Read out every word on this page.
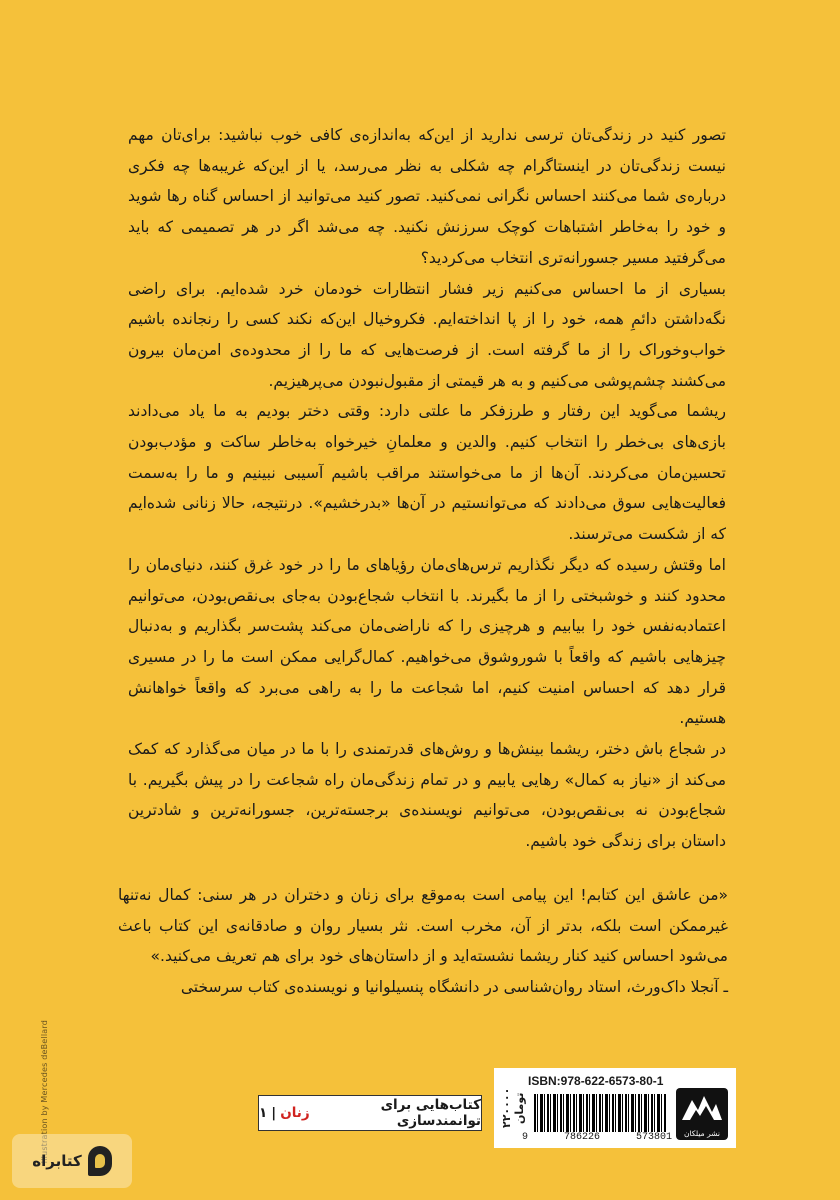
تصور کنید در زندگی‌تان ترسی ندارید از این‌که به‌اندازه‌ی کافی خوب نباشید: برای‌تان مهم نیست زندگی‌تان در اینستاگرام چه شکلی به نظر می‌رسد، یا از این‌که غریبه‌ها چه فکری درباره‌ی شما می‌کنند احساس نگرانی نمی‌کنید. تصور کنید می‌توانید از احساس گناه رها شوید و خود را به‌خاطر اشتباهات کوچک سرزنش نکنید. چه می‌شد اگر در هر تصمیمی که باید می‌گرفتید مسیر جسورانه‌تری انتخاب می‌کردید؟

بسیاری از ما احساس می‌کنیم زیر فشار انتظارات خودمان خرد شده‌ایم. برای راضی نگه‌داشتن دائمِ همه، خود را از پا انداخته‌ایم. فکروخیال این‌که نکند کسی را رنجانده باشیم خواب‌وخوراک را از ما گرفته است. از فرصت‌هایی که ما را از محدوده‌ی امن‌مان بیرون می‌کشند چشم‌پوشی می‌کنیم و به هر قیمتی از مقبول‌نبودن می‌پرهیزیم.

ریشما می‌گوید این رفتار و طرزفکر ما علتی دارد: وقتی دختر بودیم به ما یاد می‌دادند بازی‌های بی‌خطر را انتخاب کنیم. والدین و معلمانِ خیرخواه به‌خاطر ساکت و مؤدب‌بودن تحسین‌مان می‌کردند. آن‌ها از ما می‌خواستند مراقب باشیم آسیبی نبینیم و ما را به‌سمت فعالیت‌هایی سوق می‌دادند که می‌توانستیم در آن‌ها «بدرخشیم». درنتیجه، حالا زنانی شده‌ایم که از شکست می‌ترسند.

اما وقتش رسیده که دیگر نگذاریم ترس‌های‌مان رؤیاهای ما را در خود غرق کنند، دنیای‌مان را محدود کنند و خوشبختی را از ما بگیرند. با انتخاب شجاع‌بودن به‌جای بی‌نقص‌بودن، می‌توانیم اعتمادبه‌نفس خود را بیابیم و هرچیزی را که ناراضی‌مان می‌کند پشت‌سر بگذاریم و به‌دنبال چیزهایی باشیم که واقعاً با شوروشوق می‌خواهیم. کمال‌گرایی ممکن است ما را در مسیری قرار دهد که احساس امنیت کنیم، اما شجاعت ما را به راهی می‌برد که واقعاً خواهانش هستیم.

در شجاع باش دختر، ریشما بینش‌ها و روش‌های قدرتمندی را با ما در میان می‌گذارد که کمک می‌کند از «نیاز به کمال» رهایی یابیم و در تمام زندگی‌مان راه شجاعت را در پیش بگیریم. با شجاع‌بودن نه بی‌نقص‌بودن، می‌توانیم نویسنده‌ی برجسته‌ترین، جسورانه‌ترین و شادترین داستان برای زندگی خود باشیم.

«من عاشق این کتابم! این پیامی است به‌موقع برای زنان و دختران در هر سنی: کمال نه‌تنها غیرممکن است بلکه، بدتر از آن، مخرب است. نثر بسیار روان و صادقانه‌ی این کتاب باعث می‌شود احساس کنید کنار ریشما نشسته‌اید و از داستان‌های خود برای هم تعریف می‌کنید.»

ـ آنجلا داک‌ورث، استاد روان‌شناسی در دانشگاه پنسیلوانیا و نویسنده‌ی کتاب سرسختی

Illustration by Mercedes deBellard	کتاب‌هایی برای توانمندسازی
زنان
|
۱	۲۲۰۰۰۰ تومان
ISBN:978-622-6573-80-1
9	786226	573801	نشر میلکان
کتابراه
